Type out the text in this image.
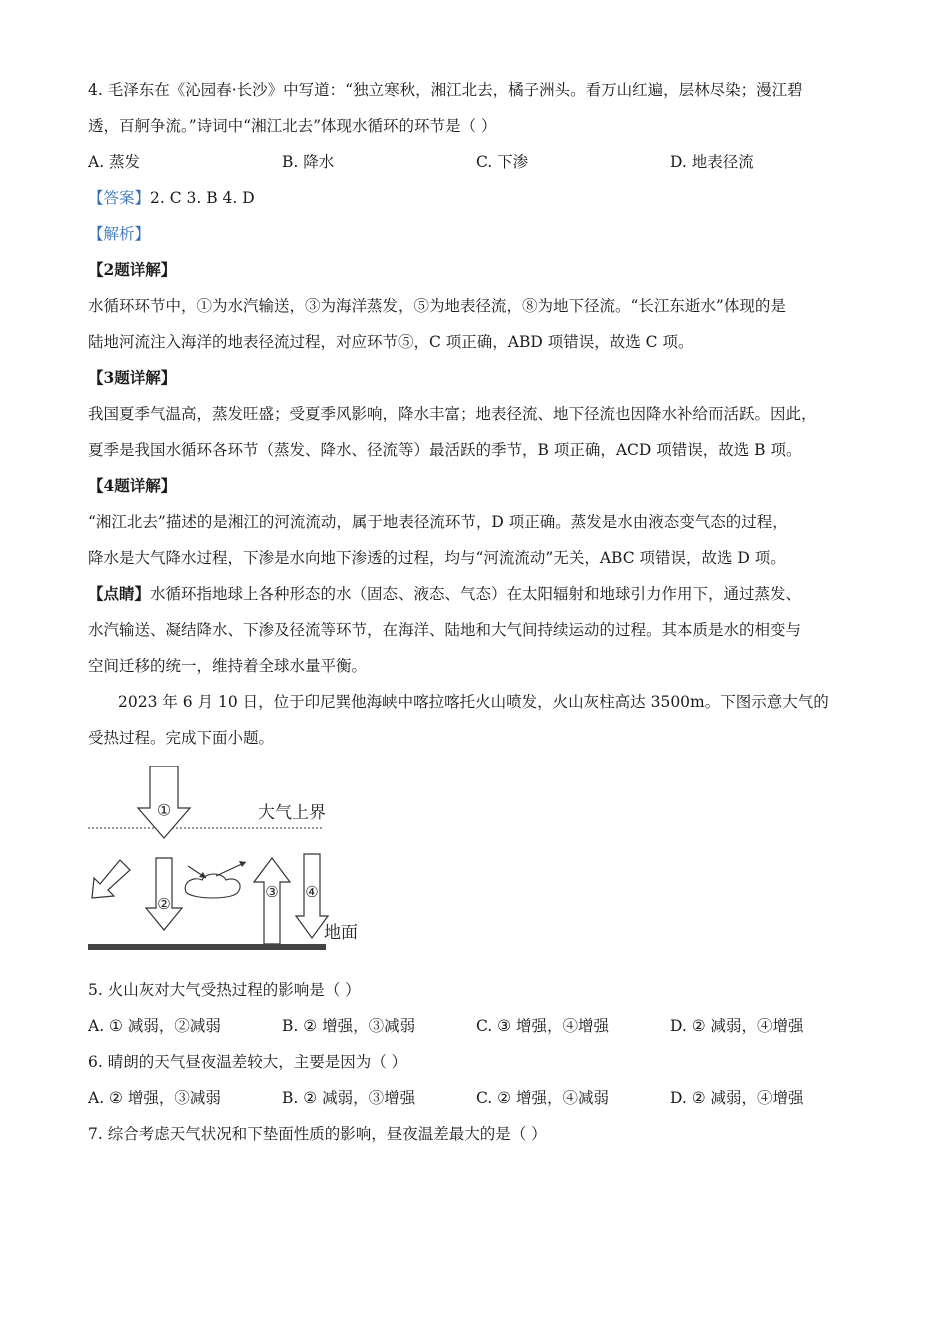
4. 毛泽东在《沁园春·长沙》中写道：“独立寒秋，湘江北去，橘子洲头。看万山红遍，层林尽染；漫江碧

透，百舸争流。”诗词中“湘江北去”体现水循环的环节是（ ）

A. 蒸发	B. 降水	C. 下渗	D. 地表径流

【答案】2. C 3. B 4. D

【解析】

【2题详解】

水循环环节中，①为水汽输送，③为海洋蒸发，⑤为地表径流，⑧为地下径流。“长江东逝水”体现的是

陆地河流注入海洋的地表径流过程，对应环节⑤，C 项正确，ABD 项错误，故选 C 项。

【3题详解】

我国夏季气温高，蒸发旺盛；受夏季风影响，降水丰富；地表径流、地下径流也因降水补给而活跃。因此，

夏季是我国水循环各环节（蒸发、降水、径流等）最活跃的季节，B 项正确，ACD 项错误，故选 B 项。

【4题详解】

“湘江北去”描述的是湘江的河流流动，属于地表径流环节，D 项正确。蒸发是水由液态变气态的过程，

降水是大气降水过程，下渗是水向地下渗透的过程，均与“河流流动”无关，ABC 项错误，故选 D 项。

【点睛】水循环指地球上各种形态的水（固态、液态、气态）在太阳辐射和地球引力作用下，通过蒸发、

水汽输送、凝结降水、下渗及径流等环节，在海洋、陆地和大气间持续运动的过程。其本质是水的相变与

空间迁移的统一，维持着全球水量平衡。

2023 年 6 月 10 日，位于印尼巽他海峡中喀拉喀托火山喷发，火山灰柱高达 3500m。下图示意大气的

受热过程。完成下面小题。

①
②
③ ④
大气上界
地面

5. 火山灰对大气受热过程的影响是（ ）

A. ① 减弱，②减弱	B. ② 增强，③减弱	C. ③ 增强，④增强	D. ② 减弱，④增强

6. 晴朗的天气昼夜温差较大，主要是因为（ ）

A. ② 增强，③减弱	B. ② 减弱，③增强	C. ② 增强，④减弱	D. ② 减弱，④增强

7. 综合考虑天气状况和下垫面性质的影响，昼夜温差最大的是（ ）
